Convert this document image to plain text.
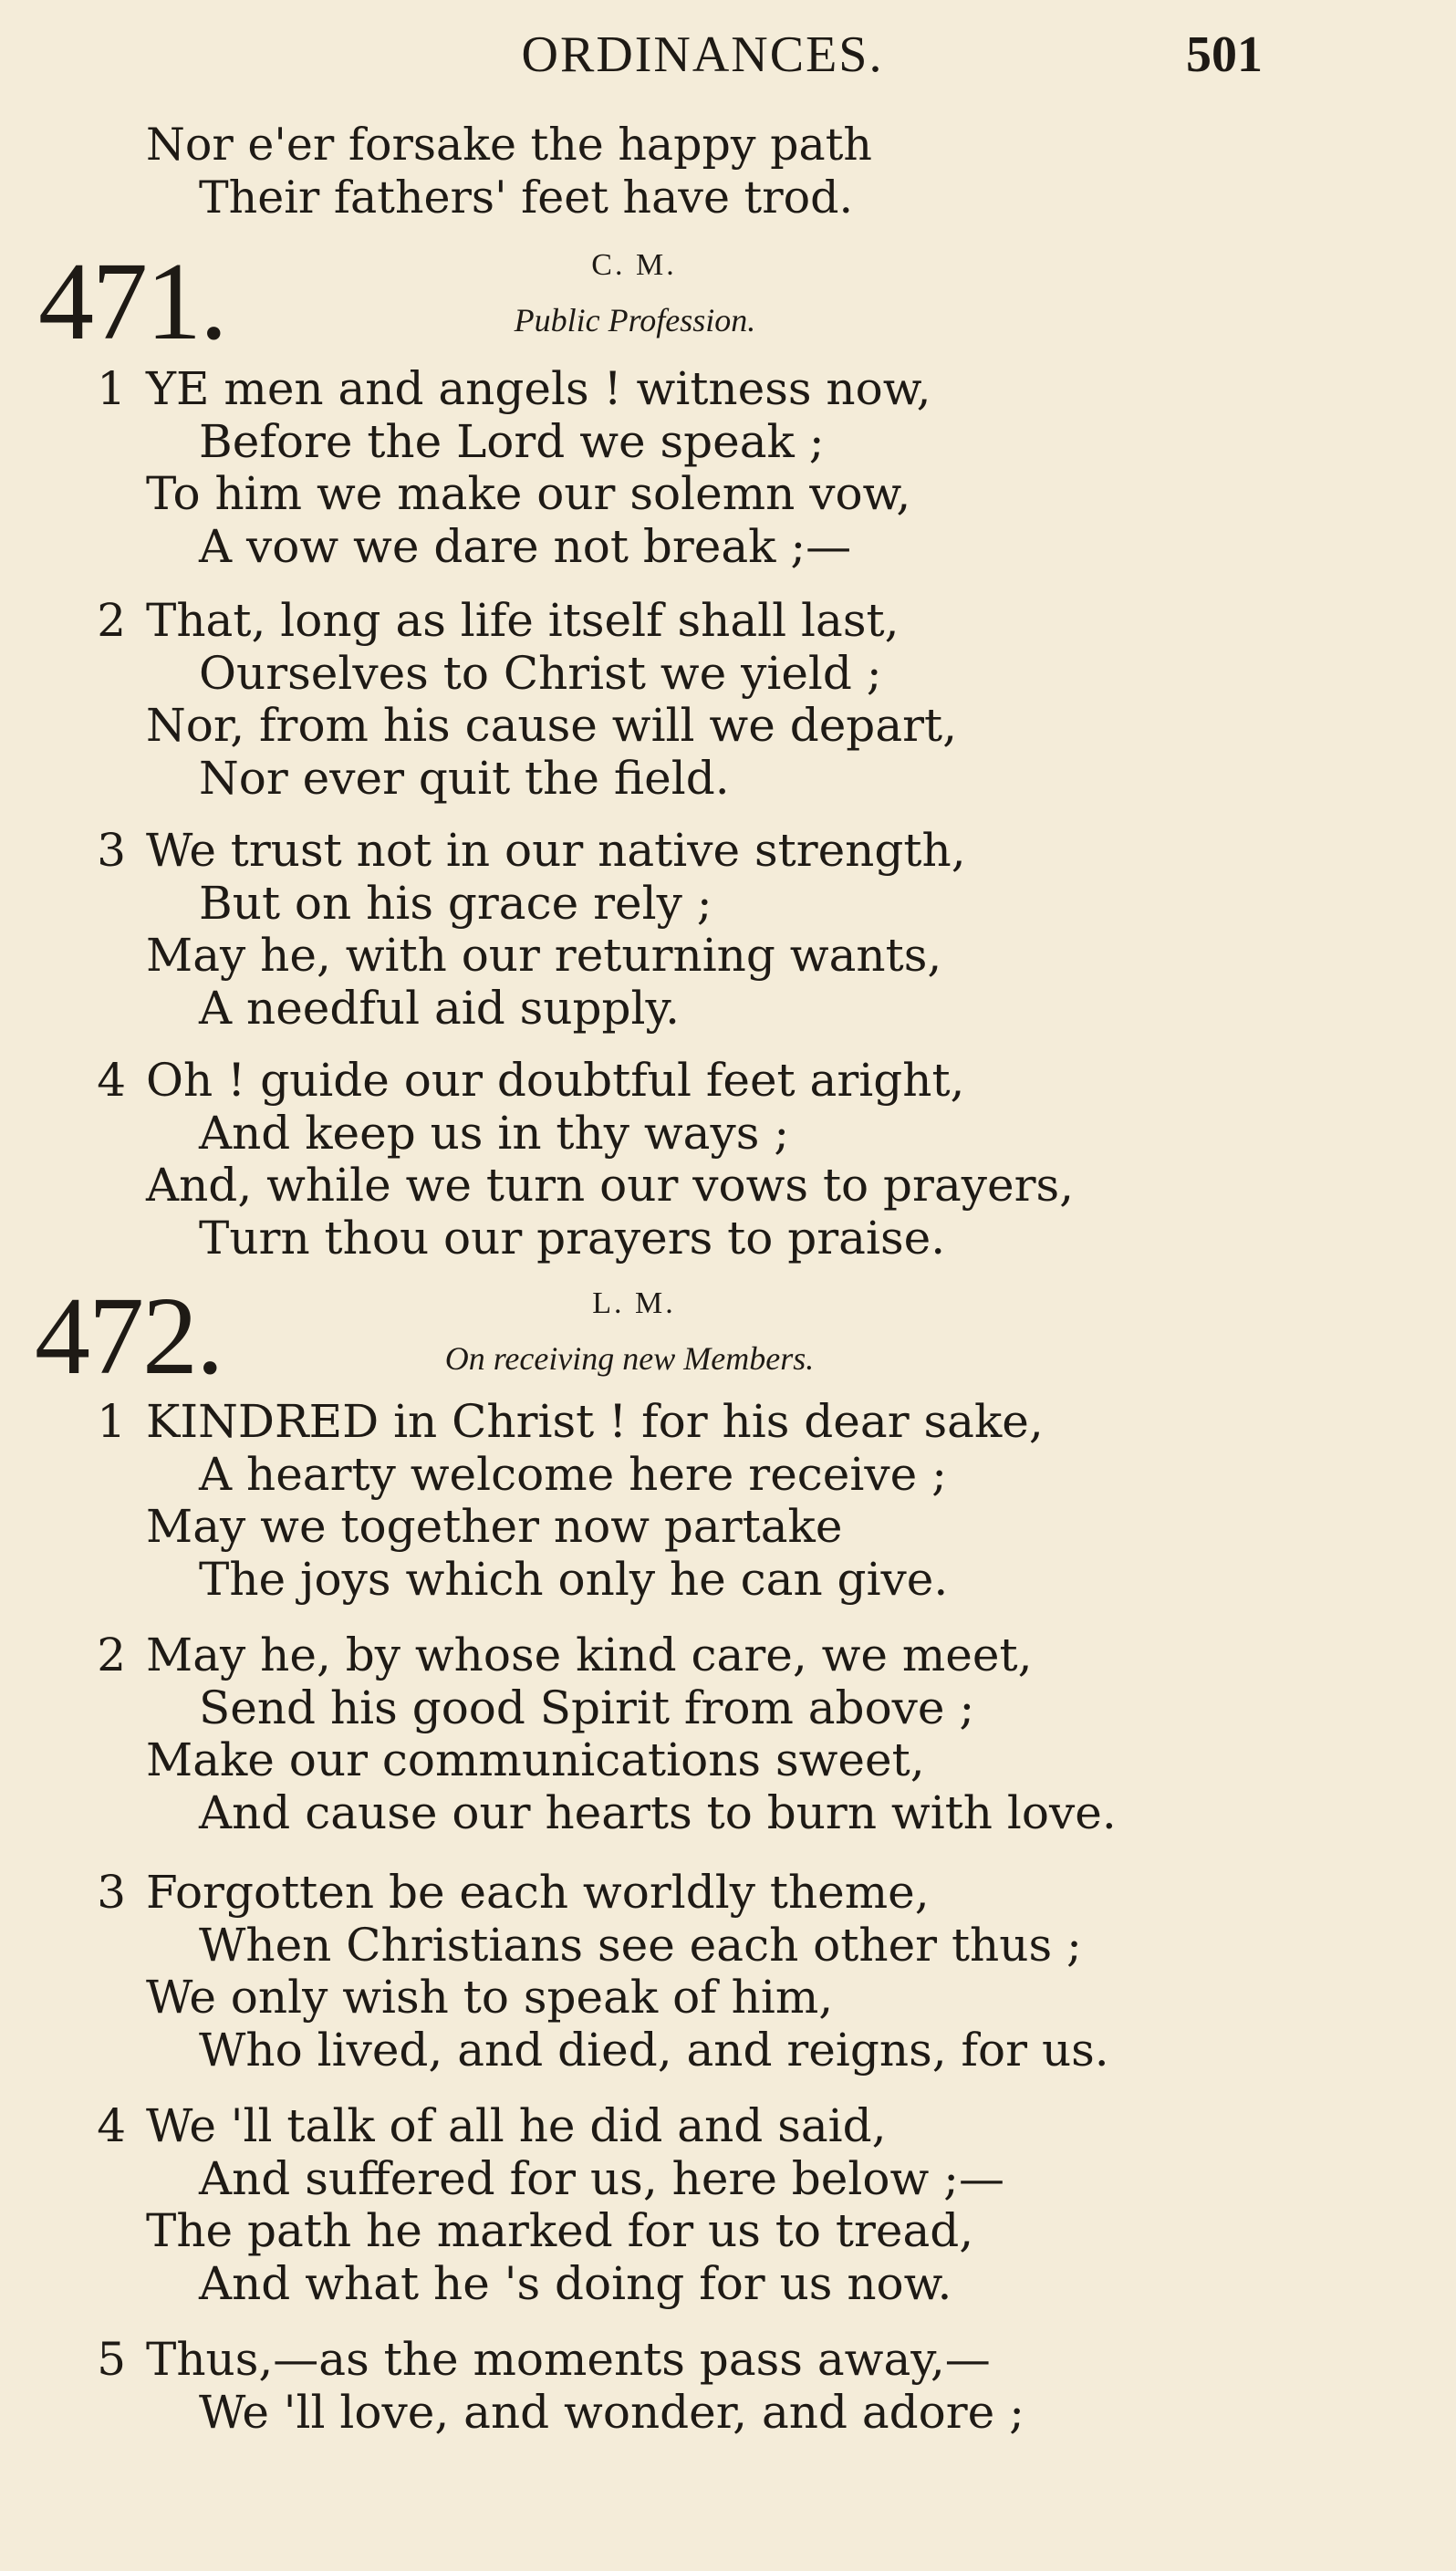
ORDINANCES.	501
Nor e'er forsake the happy path
Their fathers' feet have trod.
471.	C. M.
Public Profession.
1 YE men and angels ! witness now,
Before the Lord we speak ;
To him we make our solemn vow,
A vow we dare not break ;—
2 That, long as life itself shall last,
Ourselves to Christ we yield ;
Nor, from his cause will we depart,
Nor ever quit the field.
3 We trust not in our native strength,
But on his grace rely ;
May he, with our returning wants,
A needful aid supply.
4 Oh ! guide our doubtful feet aright,
And keep us in thy ways ;
And, while we turn our vows to prayers,
Turn thou our prayers to praise.
472.	L. M.
On receiving new Members.
1 KINDRED in Christ ! for his dear sake,
A hearty welcome here receive ;
May we together now partake
The joys which only he can give.
2 May he, by whose kind care, we meet,
Send his good Spirit from above ;
Make our communications sweet,
And cause our hearts to burn with love.
3 Forgotten be each worldly theme,
When Christians see each other thus ;
We only wish to speak of him,
Who lived, and died, and reigns, for us.
4 We 'll talk of all he did and said,
And suffered for us, here below ;—
The path he marked for us to tread,
And what he 's doing for us now.
5 Thus,—as the moments pass away,—
We 'll love, and wonder, and adore ;
